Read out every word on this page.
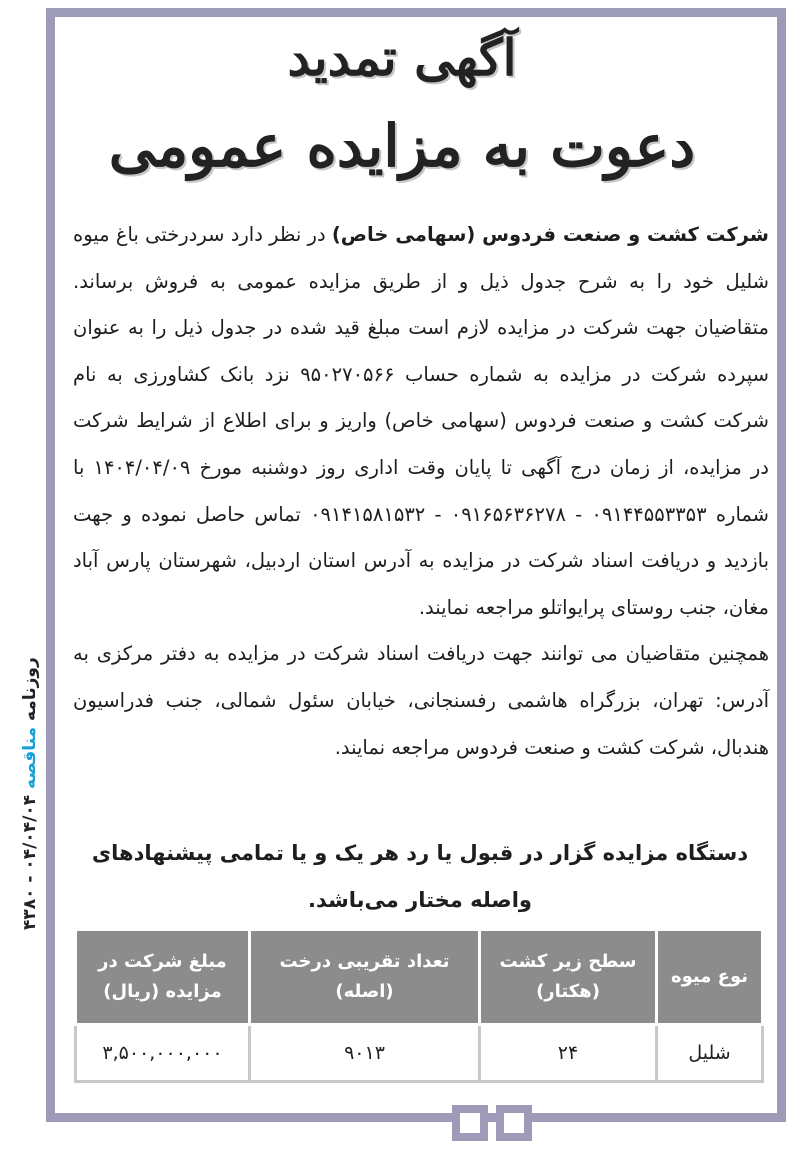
آگهی تمدید
دعوت به مزایده عمومی
شرکت کشت و صنعت فردوس (سهامی خاص) در نظر دارد سردرختی باغ میوه شلیل خود را به شرح جدول ذیل و از طریق مزایده عمومی به فروش برساند. متقاضیان جهت شرکت در مزایده لازم است مبلغ قید شده در جدول ذیل را به عنوان سپرده شرکت در مزایده به شماره حساب ۹۵۰۲۷۰۵۶۶ نزد بانک کشاورزی به نام شرکت کشت و صنعت فردوس (سهامی خاص) واریز و برای اطلاع از شرایط شرکت در مزایده، از زمان درج آگهی تا پایان وقت اداری روز دوشنبه مورخ ۱۴۰۴/۰۴/۰۹ با شماره ۰۹۱۴۴۵۵۳۳۵۳ - ۰۹۱۶۵۶۳۶۲۷۸ - ۰۹۱۴۱۵۸۱۵۳۲ تماس حاصل نموده و جهت بازدید و دریافت اسناد شرکت در مزایده به آدرس استان اردبیل، شهرستان پارس آباد مغان، جنب روستای پرایواتلو مراجعه نمایند.
همچنین متقاضیان می توانند جهت دریافت اسناد شرکت در مزایده به دفتر مرکزی به آدرس: تهران، بزرگراه هاشمی رفسنجانی، خیابان سئول شمالی، جنب فدراسیون هندبال، شرکت کشت و صنعت فردوس مراجعه نمایند.
دستگاه مزایده گزار در قبول یا رد هر یک و یا تمامی پیشنهادهای
واصله مختار می‌باشد.
نوع میوه	سطح زیر کشت (هکتار)	تعداد تقریبی درخت (اصله)	مبلغ شرکت در مزایده (ریال)
شلیل	۲۴	۹۰۱۳	۳,۵۰۰,۰۰۰,۰۰۰
روزنامه مناقصه ۰۴/۰۴/۰۴ - ۴۳۸۰
